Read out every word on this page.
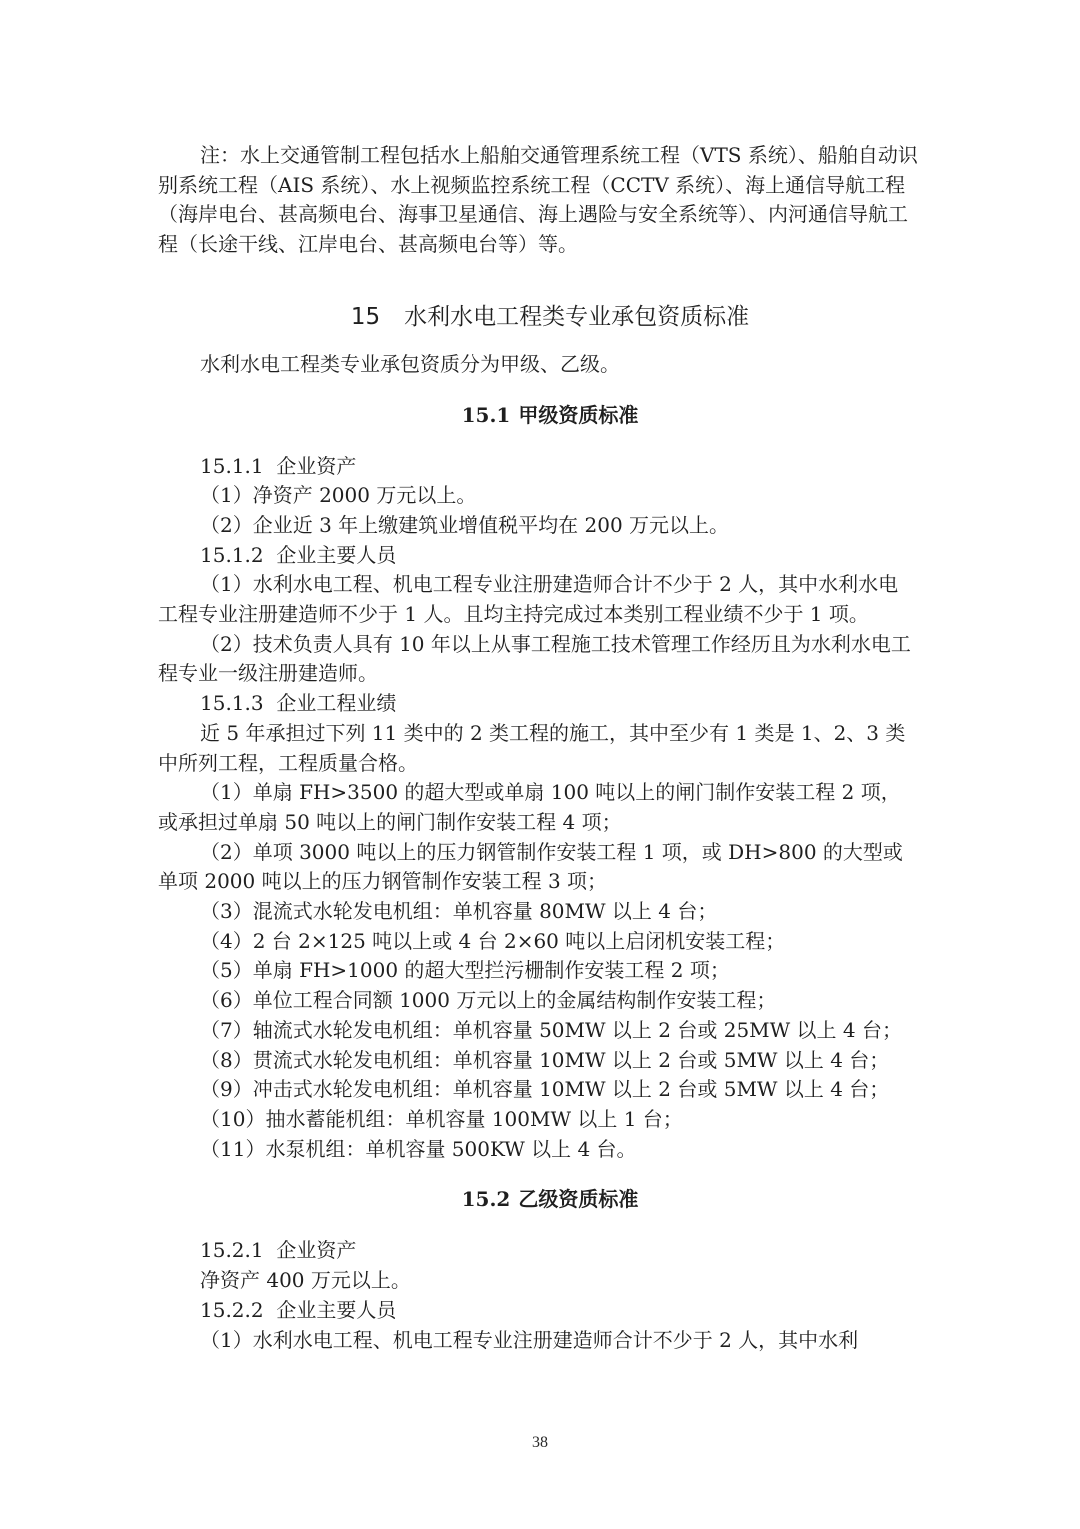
注：水上交通管制工程包括水上船舶交通管理系统工程（VTS 系统）、船舶自动识别系统工程（AIS 系统）、水上视频监控系统工程（CCTV 系统）、海上通信导航工程（海岸电台、甚高频电台、海事卫星通信、海上遇险与安全系统等）、内河通信导航工程（长途干线、江岸电台、甚高频电台等）等。

15 水利水电工程类专业承包资质标准

水利水电工程类专业承包资质分为甲级、乙级。

15.1 甲级资质标准

15.1.1  企业资产

（1）净资产 2000 万元以上。

（2）企业近 3 年上缴建筑业增值税平均在 200 万元以上。

15.1.2  企业主要人员

（1）水利水电工程、机电工程专业注册建造师合计不少于 2 人，其中水利水电工程专业注册建造师不少于 1 人。且均主持完成过本类别工程业绩不少于 1 项。

（2）技术负责人具有 10 年以上从事工程施工技术管理工作经历且为水利水电工程专业一级注册建造师。

15.1.3  企业工程业绩

近 5 年承担过下列 11 类中的 2 类工程的施工，其中至少有 1 类是 1、2、3 类中所列工程，工程质量合格。

（1）单扇 FH>3500 的超大型或单扇 100 吨以上的闸门制作安装工程 2 项，或承担过单扇 50 吨以上的闸门制作安装工程 4 项；

（2）单项 3000 吨以上的压力钢管制作安装工程 1 项，或 DH>800 的大型或单项 2000 吨以上的压力钢管制作安装工程 3 项；

（3）混流式水轮发电机组：单机容量 80MW 以上 4 台；

（4）2 台 2×125 吨以上或 4 台 2×60 吨以上启闭机安装工程；

（5）单扇 FH>1000 的超大型拦污栅制作安装工程 2 项；

（6）单位工程合同额 1000 万元以上的金属结构制作安装工程；

（7）轴流式水轮发电机组：单机容量 50MW 以上 2 台或 25MW 以上 4 台；

（8）贯流式水轮发电机组：单机容量 10MW 以上 2 台或 5MW 以上 4 台；

（9）冲击式水轮发电机组：单机容量 10MW 以上 2 台或 5MW 以上 4 台；

（10）抽水蓄能机组：单机容量 100MW 以上 1 台；

（11）水泵机组：单机容量 500KW 以上 4 台。

15.2 乙级资质标准

15.2.1  企业资产

净资产 400 万元以上。

15.2.2  企业主要人员

（1）水利水电工程、机电工程专业注册建造师合计不少于 2 人，其中水利

38
